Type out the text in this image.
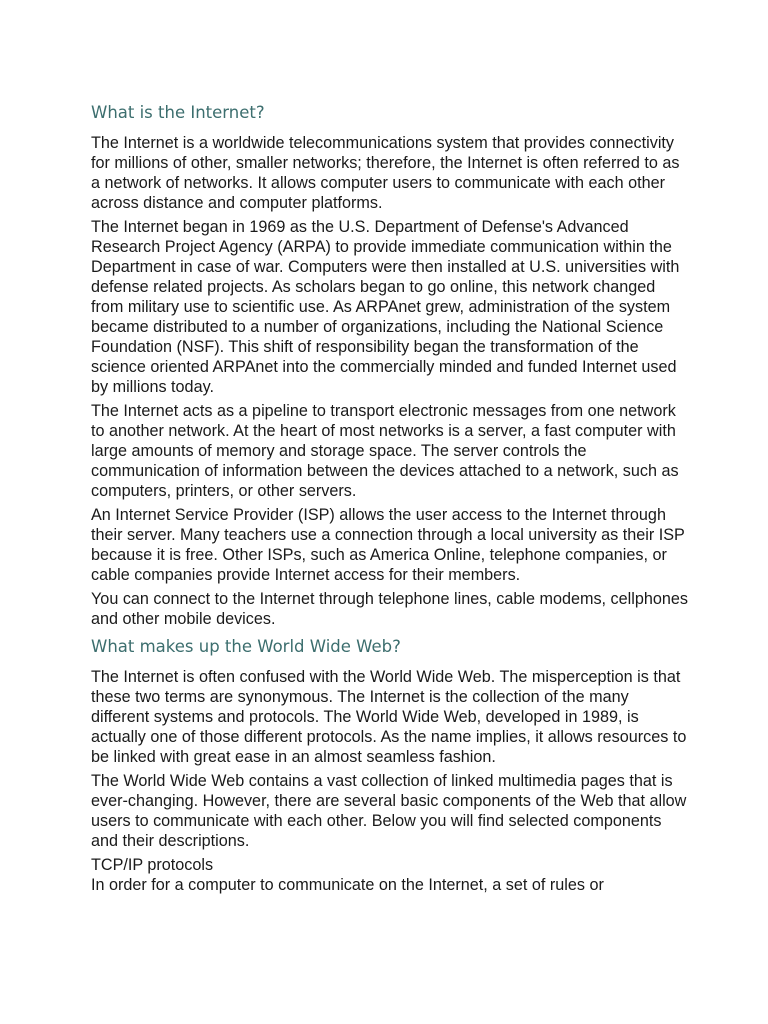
What is the Internet?

The Internet is a worldwide telecommunications system that provides connectivity for millions of other, smaller networks; therefore, the Internet is often referred to as a network of networks. It allows computer users to communicate with each other across distance and computer platforms.

The Internet began in 1969 as the U.S. Department of Defense's Advanced Research Project Agency (ARPA) to provide immediate communication within the Department in case of war. Computers were then installed at U.S. universities with defense related projects. As scholars began to go online, this network changed from military use to scientific use. As ARPAnet grew, administration of the system became distributed to a number of organizations, including the National Science Foundation (NSF). This shift of responsibility began the transformation of the science oriented ARPAnet into the commercially minded and funded Internet used by millions today.

The Internet acts as a pipeline to transport electronic messages from one network to another network. At the heart of most networks is a server, a fast computer with large amounts of memory and storage space. The server controls the communication of information between the devices attached to a network, such as computers, printers, or other servers.

An Internet Service Provider (ISP) allows the user access to the Internet through their server. Many teachers use a connection through a local university as their ISP because it is free. Other ISPs, such as America Online, telephone companies, or cable companies provide Internet access for their members.

You can connect to the Internet through telephone lines, cable modems, cellphones and other mobile devices.

What makes up the World Wide Web?

The Internet is often confused with the World Wide Web. The misperception is that these two terms are synonymous. The Internet is the collection of the many different systems and protocols. The World Wide Web, developed in 1989, is actually one of those different protocols. As the name implies, it allows resources to be linked with great ease in an almost seamless fashion.

The World Wide Web contains a vast collection of linked multimedia pages that is ever-changing. However, there are several basic components of the Web that allow users to communicate with each other. Below you will find selected components and their descriptions.

TCP/IP protocols

In order for a computer to communicate on the Internet, a set of rules or
